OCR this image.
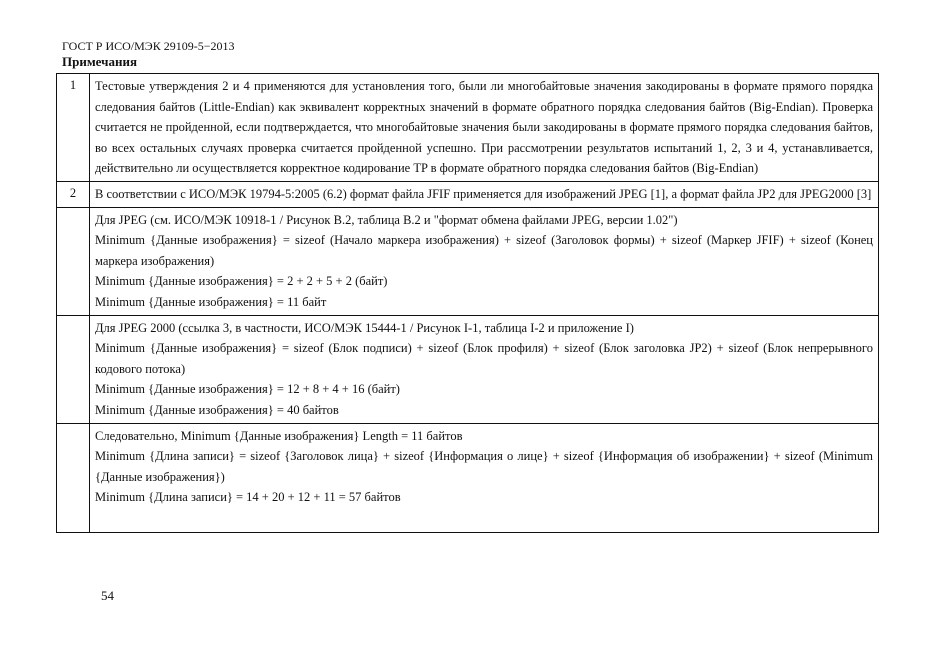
ГОСТ Р ИСО/МЭК 29109-5−2013
Примечания
1	Тестовые утверждения 2 и 4 применяются для установления того, были ли многобайтовые значения закодированы в формате прямого порядка следования байтов (Little-Endian) как эквивалент корректных значений в формате обратного порядка следования байтов (Big-Endian). Проверка считается не пройденной, если подтверждается, что многобайтовые значения были закодированы в формате прямого порядка следования байтов, во всех остальных случаях проверка считается пройденной успешно. При рассмотрении результатов испытаний 1, 2, 3 и 4, устанавливается, действительно ли осуществляется корректное кодирование TP в формате обратного порядка следования байтов (Big-Endian)

2	В соответствии с ИСО/МЭК 19794-5:2005 (6.2) формат файла JFIF применяется для изображений JPEG [1], а формат файла JP2 для JPEG2000 [3]

	Для JPEG (см. ИСО/МЭК 10918-1 / Рисунок В.2, таблица В.2 и "формат обмена файлами JPEG, версии 1.02")

Minimum {Данные изображения} = sizeof (Начало маркера изображения) + sizeof (Заголовок формы) + sizeof (Маркер JFIF) + sizeof (Конец маркера изображения)

Minimum {Данные изображения} = 2 + 2 + 5 + 2 (байт)

Minimum {Данные изображения} = 11 байт

	Для JPEG 2000 (ссылка 3, в частности, ИСО/МЭК 15444-1 / Рисунок I-1, таблица I-2 и приложение I)

Minimum {Данные изображения} = sizeof (Блок подписи) + sizeof (Блок профиля) + sizeof (Блок заголовка JP2) + sizeof (Блок непрерывного кодового потока)

Minimum {Данные изображения} = 12 + 8 + 4 + 16 (байт)

Minimum {Данные изображения} = 40 байтов

	Следовательно, Minimum {Данные изображения} Length = 11 байтов

Minimum {Длина записи} = sizeof {Заголовок лица} + sizeof {Информация о лице} + sizeof {Информация об изображении} + sizeof (Minimum {Данные изображения})

Minimum {Длина записи} = 14 + 20 + 12 + 11 = 57 байтов

54
